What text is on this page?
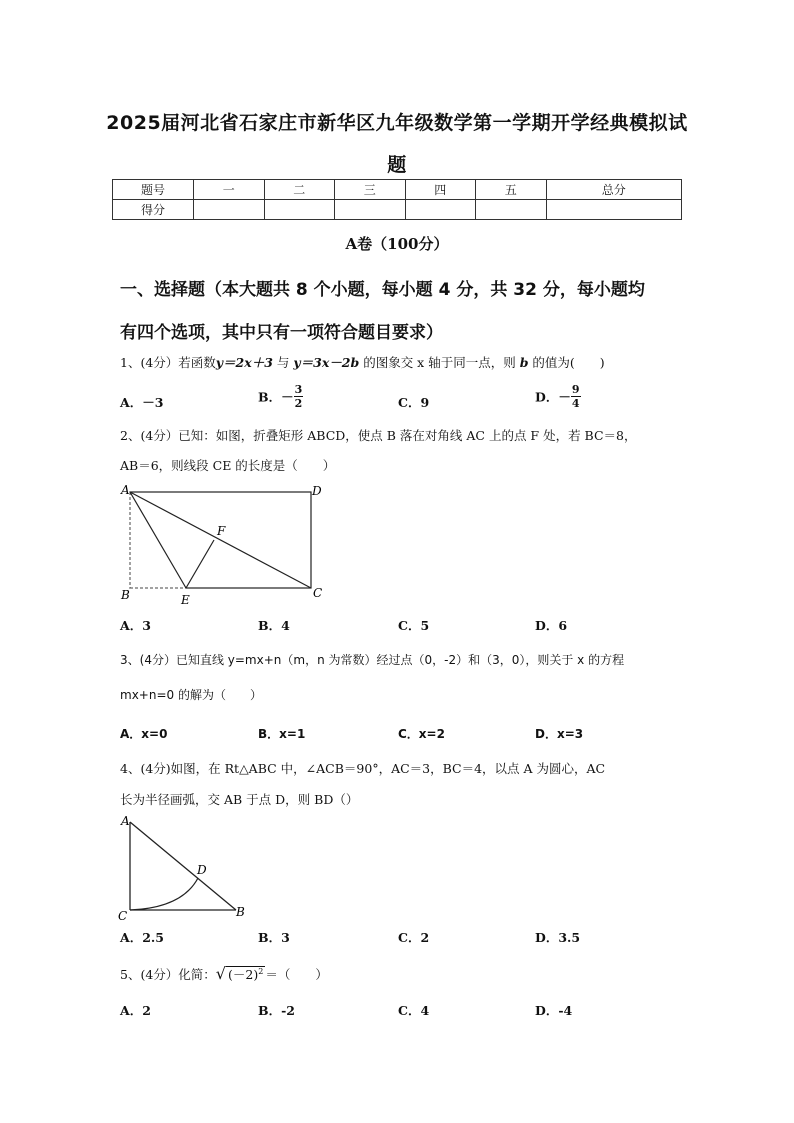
2025届河北省石家庄市新华区九年级数学第一学期开学经典模拟试
题
题号	一	二	三	四	五	总分
得分						
A卷（100分）
一、选择题（本大题共 8 个小题，每小题 4 分，共 32 分，每小题均
有四个选项，其中只有一项符合题目要求）
1、(4分）若函数y＝2x＋3 与 y＝3x－2b 的图象交 x 轴于同一点，则 b 的值为(　　)
A．－3	B．－ $\frac{3}{2}$	C．9	D．－ $\frac{9}{4}$
2、(4分）已知：如图，折叠矩形 ABCD，使点 B 落在对角线 AC 上的点 F 处，若 BC＝8，
AB＝6，则线段 CE 的长度是（　　）
A	D
F
B	E	C
A．3	B．4	C．5	D．6
3、(4分）已知直线 y=mx+n（m，n 为常数）经过点（0，-2）和（3，0），则关于 x 的方程
mx+n=0 的解为（　　）
A．x=0	B．x=1	C．x=2	D．x=3
4、(4分)如图，在 Rt△ABC 中，∠ACB＝90°，AC＝3，BC＝4，以点 A 为圆心，AC
长为半径画弧，交 AB 于点 D，则 BD（）
A
D
C	B
A．2.5	B．3	C．2	D．3.5
5、(4分）化简：√ $(-2)^2$ ＝（　　）
A．2	B．-2	C．4	D．-4
